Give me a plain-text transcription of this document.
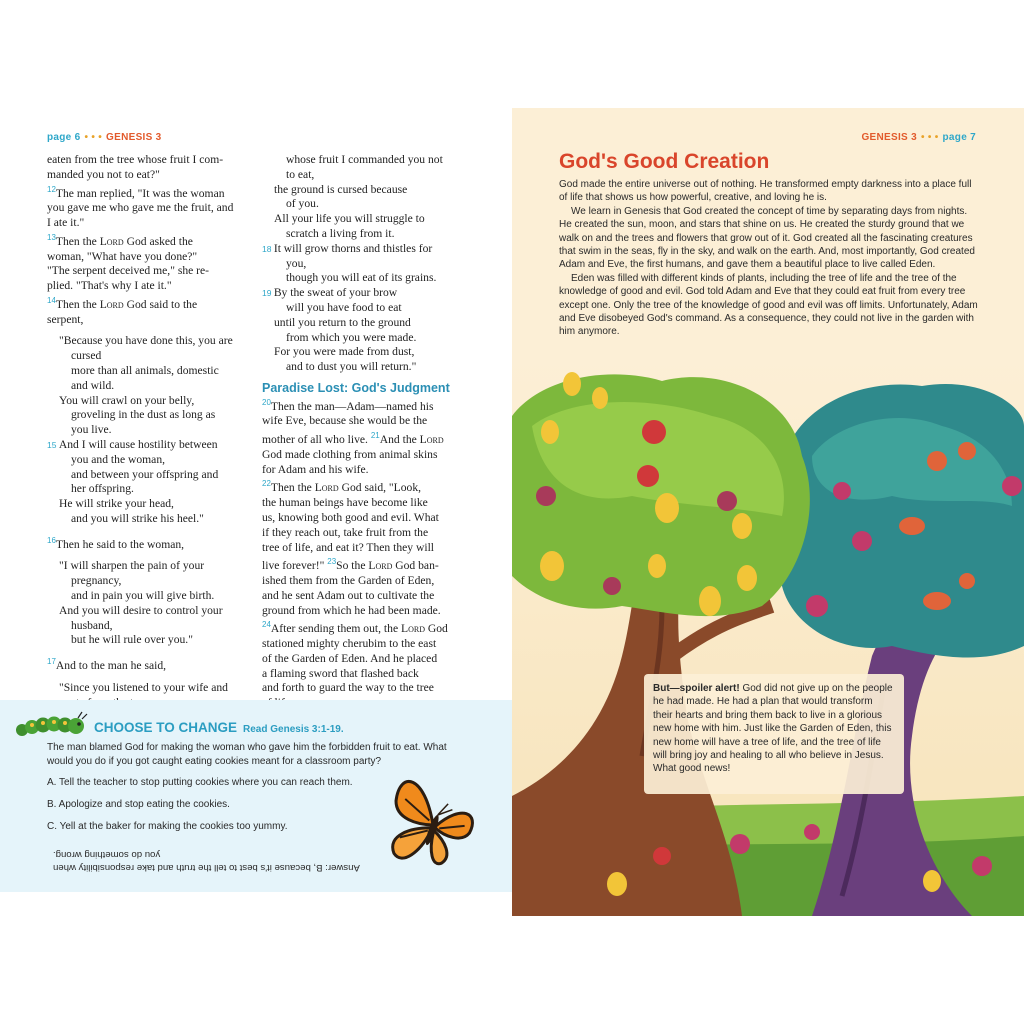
page 6 • • • GENESIS 3

eaten from the tree whose fruit I com-

manded you not to eat?"

$^{12}$The man replied, "It was the woman

you gave me who gave me the fruit, and

I ate it."

$^{13}$Then the Lord God asked the

woman, "What have you done?"

"The serpent deceived me," she re-

plied. "That's why I ate it."

$^{14}$Then the Lord God said to the

serpent,

"Because you have done this, you are

cursed

more than all animals, domestic

and wild.

You will crawl on your belly,

groveling in the dust as long as

you live.

15 And I will cause hostility between

you and the woman,

and between your offspring and

her offspring.

He will strike your head,

and you will strike his heel."

$^{16}$Then he said to the woman,

"I will sharpen the pain of your

pregnancy,

and in pain you will give birth.

And you will desire to control your

husband,

but he will rule over you."

$^{17}$And to the man he said,

"Since you listened to your wife and

whose fruit I commanded you not

to eat,

the ground is cursed because

of you.

All your life you will struggle to

scratch a living from it.

18 It will grow thorns and thistles for

you,

though you will eat of its grains.

19 By the sweat of your brow

will you have food to eat

until you return to the ground

from which you were made.

For you were made from dust,

and to dust you will return."

Paradise Lost: God's Judgment

$^{20}$Then the man—Adam—named his

wife Eve, because she would be the

mother of all who live. $^{21}$And the Lord

God made clothing from animal skins

for Adam and his wife.

$^{22}$Then the Lord God said, "Look,

the human beings have become like

us, knowing both good and evil. What

if they reach out, take fruit from the

tree of life, and eat it? Then they will

live forever!" $^{23}$So the Lord God ban-

ished them from the Garden of Eden,

and he sent Adam out to cultivate the

ground from which he had been made.

$^{24}$After sending them out, the Lord God

stationed mighty cherubim to the east

of the Garden of Eden. And he placed

a flaming sword that flashed back

and forth to guard the way to the tree

CHOOSE TO CHANGE Read Genesis 3:1-19.
The man blamed God for making the woman who gave him the forbidden fruit to eat. What would you do if you got caught eating cookies meant for a classroom party?
A. Tell the teacher to stop putting cookies where you can reach them.
B. Apologize and stop eating the cookies.
C. Yell at the baker for making the cookies too yummy.
Answer: B, because it's best to tell the truth and take responsibility when you do something wrong.
GENESIS 3 • • • page 7
God's Good Creation

God made the entire universe out of nothing. He transformed empty darkness into a place full of life that shows us how powerful, creative, and loving he is.

We learn in Genesis that God created the concept of time by separating days from nights. He created the sun, moon, and stars that shine on us. He created the sturdy ground that we walk on and the trees and flowers that grow out of it. God created all the fascinating creatures that swim in the seas, fly in the sky, and walk on the earth. And, most importantly, God created Adam and Eve, the first humans, and gave them a beautiful place to live called Eden.

Eden was filled with different kinds of plants, including the tree of life and the tree of the knowledge of good and evil. God told Adam and Eve that they could eat fruit from every tree except one. Only the tree of the knowledge of good and evil was off limits. Unfortunately, Adam and Eve disobeyed God's command. As a consequence, they could not live in the garden with him anymore.

But—spoiler alert! God did not give up on the people he had made. He had a plan that would transform their hearts and bring them back to live in a glorious new home with him. Just like the Garden of Eden, this new home will have a tree of life, and the tree of life will bring joy and healing to all who believe in Jesus. What good news!
